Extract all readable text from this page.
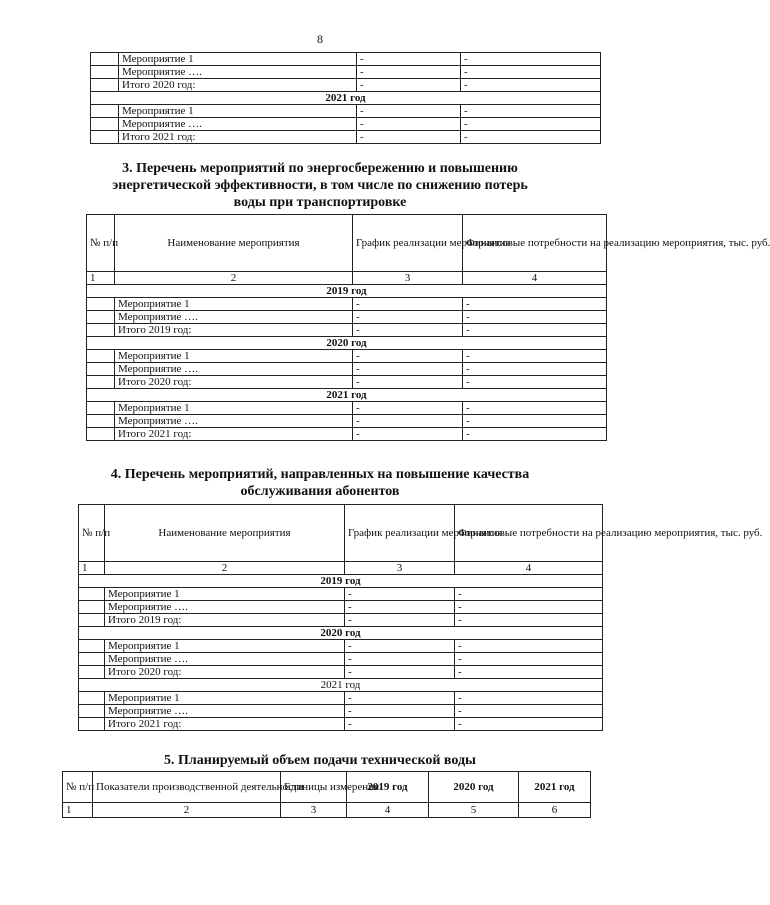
8
	Мероприятие 1	-	-
	Мероприятие ….	-	-
	Итого 2020 год:	-	-
2021 год			
	Мероприятие 1	-	-
	Мероприятие ….	-	-
	Итого 2021 год:	-	-
3. Перечень мероприятий по энергосбережению и повышению
энергетической эффективности, в том числе по снижению потерь
воды при транспортировке
№ п/п	Наименование мероприятия	График реализации мероприятия	Финансовые потребности на реализацию мероприятия, тыс. руб.
1	2	3	4
2019 год			
	Мероприятие 1	-	-
	Мероприятие ….	-	-
	Итого 2019 год:	-	-
2020 год			
	Мероприятие 1	-	-
	Мероприятие ….	-	-
	Итого 2020 год:	-	-
2021 год			
	Мероприятие 1	-	-
	Мероприятие ….	-	-
	Итого 2021 год:	-	-
4. Перечень мероприятий, направленных на повышение качества
обслуживания абонентов
№ п/п	Наименование мероприятия	График реализации мероприятия	Финансовые потребности на реализацию мероприятия, тыс. руб.
1	2	3	4
2019 год			
	Мероприятие 1	-	-
	Мероприятие ….	-	-
	Итого 2019 год:	-	-
2020 год			
	Мероприятие 1	-	-
	Мероприятие ….	-	-
	Итого 2020 год:	-	-
2021 год			
	Мероприятие 1	-	-
	Мероприятие ….	-	-
	Итого 2021 год:	-	-
5. Планируемый объем подачи технической воды
№ п/п	Показатели производственной деятельности	Единицы измерения	2019 год	2020 год	2021 год
1	2	3	4	5	6
